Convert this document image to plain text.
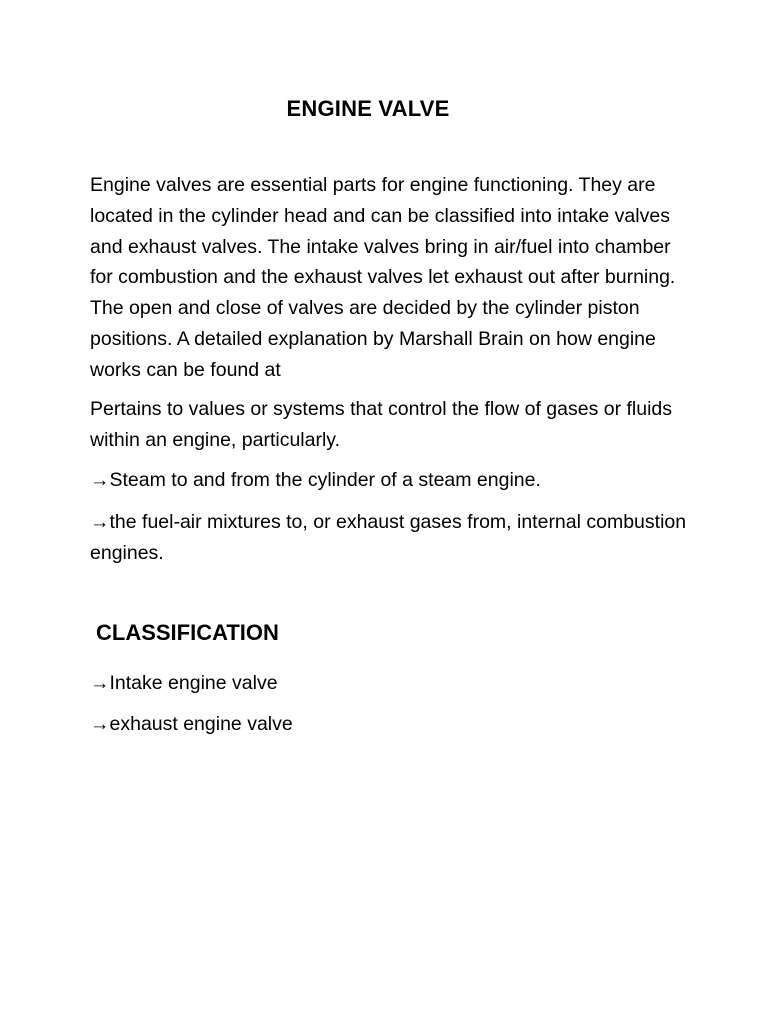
ENGINE VALVE

Engine valves are essential parts for engine functioning. They are located in the cylinder head and can be classified into intake valves and exhaust valves. The intake valves bring in air/fuel into chamber for combustion and the exhaust valves let exhaust out after burning. The open and close of valves are decided by the cylinder piston positions. A detailed explanation by Marshall Brain on how engine works can be found at

Pertains to values or systems that control the flow of gases or fluids within an engine, particularly.

→Steam to and from the cylinder of a steam engine.

→the fuel-air mixtures to, or exhaust gases from, internal combustion engines.

CLASSIFICATION

→Intake engine valve

→exhaust engine valve
